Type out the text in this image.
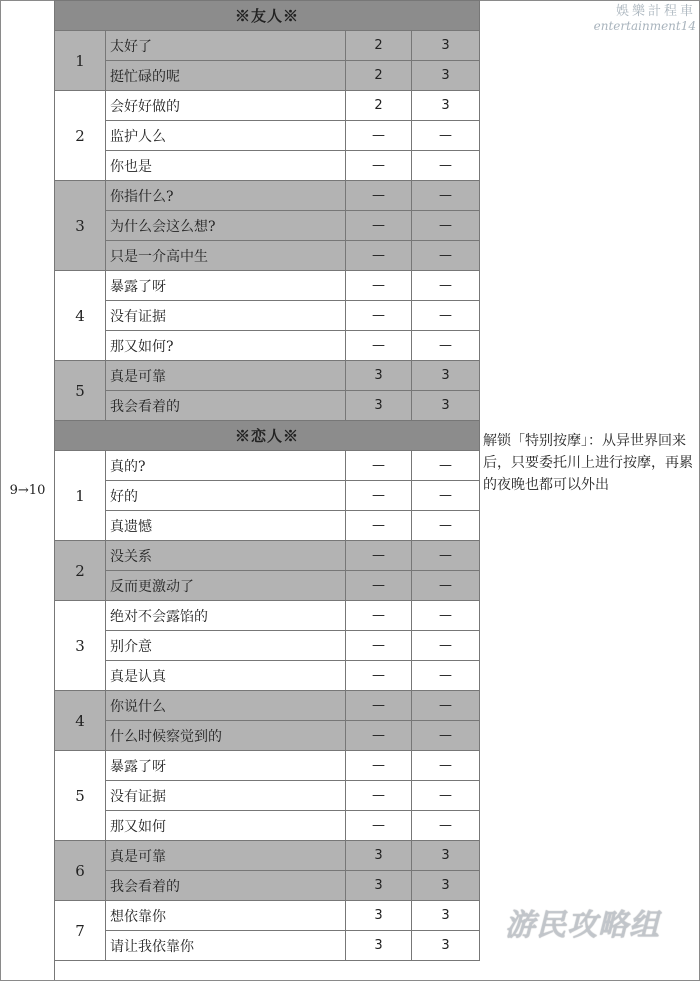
9→10
※友人※			
1	太好了	2	3
	挺忙碌的呢	2	3
2	会好好做的	2	3
	监护人么	—	—
	你也是	—	—
3	你指什么?	—	—
	为什么会这么想?	—	—
	只是一介高中生	—	—
4	暴露了呀	—	—
	没有证据	—	—
	那又如何?	—	—
5	真是可靠	3	3
	我会看着的	3	3
※恋人※			
1	真的?	—	—
	好的	—	—
	真遗憾	—	—
2	没关系	—	—
	反而更激动了	—	—
3	绝对不会露馅的	—	—
	别介意	—	—
	真是认真	—	—
4	你说什么	—	—
	什么时候察觉到的	—	—
5	暴露了呀	—	—
	没有证据	—	—
	那又如何	—	—
6	真是可靠	3	3
	我会看着的	3	3
7	想依靠你	3	3
	请让我依靠你	3	3
解锁「特别按摩」：从异世界回来后，只要委托川上进行按摩，再累的夜晚也都可以外出
娛樂計程車
entertainment14
游民攻略组
